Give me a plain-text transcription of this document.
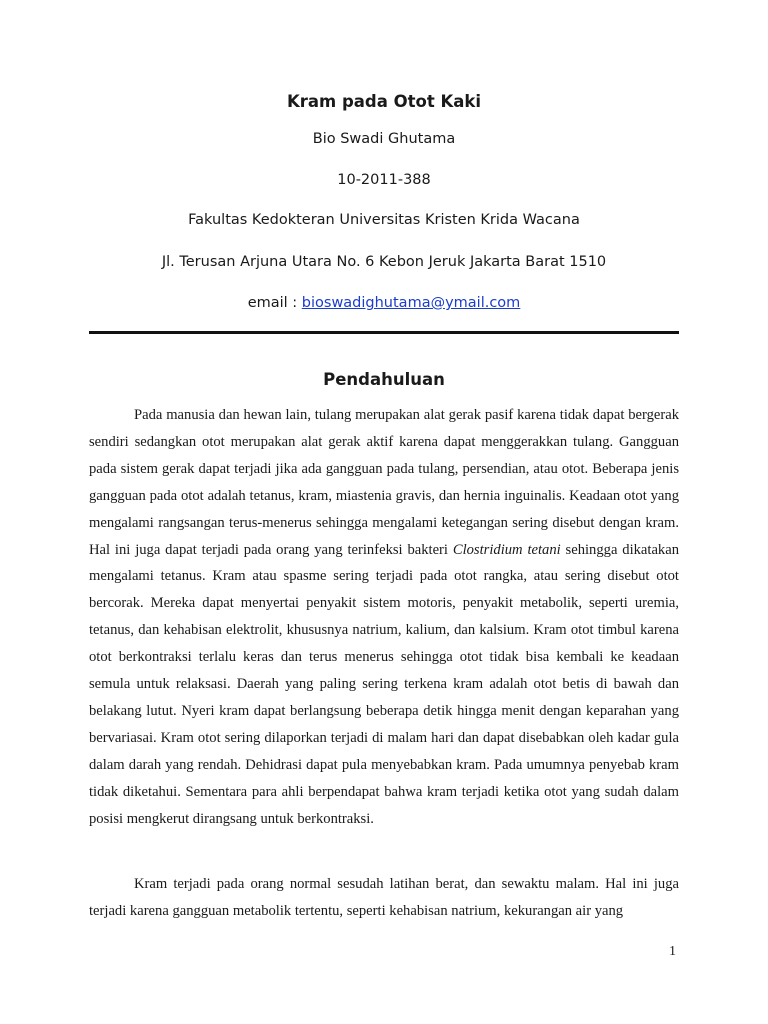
Kram pada Otot Kaki
Bio Swadi Ghutama
10-2011-388
Fakultas Kedokteran Universitas Kristen Krida Wacana
Jl. Terusan Arjuna Utara No. 6 Kebon Jeruk Jakarta Barat 1510
email : bioswadighutama@ymail.com
Pendahuluan

Pada manusia dan hewan lain, tulang merupakan alat gerak pasif karena tidak dapat bergerak sendiri sedangkan otot merupakan alat gerak aktif karena dapat menggerakkan tulang. Gangguan pada sistem gerak dapat terjadi jika ada gangguan pada tulang, persendian, atau otot. Beberapa jenis gangguan pada otot adalah tetanus, kram, miastenia gravis, dan hernia inguinalis. Keadaan otot yang mengalami rangsangan terus-menerus sehingga mengalami ketegangan sering disebut dengan kram. Hal ini juga dapat terjadi pada orang yang terinfeksi bakteri Clostridium tetani sehingga dikatakan mengalami tetanus. Kram atau spasme sering terjadi pada otot rangka, atau sering disebut otot bercorak. Mereka dapat menyertai penyakit sistem motoris, penyakit metabolik, seperti uremia, tetanus, dan kehabisan elektrolit, khususnya natrium, kalium, dan kalsium. Kram otot timbul karena otot berkontraksi terlalu keras dan terus menerus sehingga otot tidak bisa kembali ke keadaan semula untuk relaksasi. Daerah yang paling sering terkena kram adalah otot betis di bawah dan belakang lutut. Nyeri kram dapat berlangsung beberapa detik hingga menit dengan keparahan yang bervariasai. Kram otot sering dilaporkan terjadi di malam hari dan dapat disebabkan oleh kadar gula dalam darah yang rendah. Dehidrasi dapat pula menyebabkan kram. Pada umumnya penyebab kram tidak diketahui. Sementara para ahli berpendapat bahwa kram terjadi ketika otot yang sudah dalam posisi mengkerut dirangsang untuk berkontraksi.

Kram terjadi pada orang normal sesudah latihan berat, dan sewaktu malam. Hal ini juga terjadi karena gangguan metabolik tertentu, seperti kehabisan natrium, kekurangan air yang

1
